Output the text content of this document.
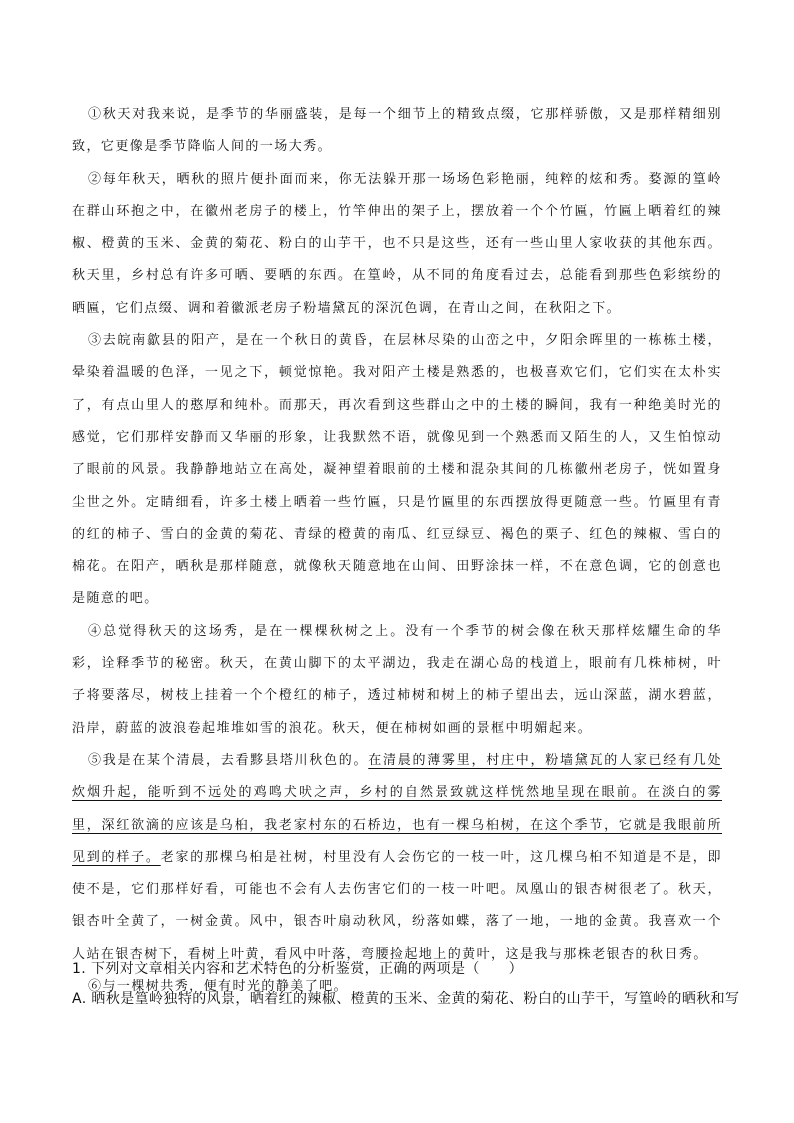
①秋天对我来说，是季节的华丽盛装，是每一个细节上的精致点缀，它那样骄傲，又是那样精细别致，它更像是季节降临人间的一场大秀。

②每年秋天，晒秋的照片便扑面而来，你无法躲开那一场场色彩艳丽，纯粹的炫和秀。婺源的篁岭在群山环抱之中，在徽州老房子的楼上，竹竿伸出的架子上，摆放着一个个竹匾，竹匾上晒着红的辣椒、橙黄的玉米、金黄的菊花、粉白的山芋干，也不只是这些，还有一些山里人家收获的其他东西。秋天里，乡村总有许多可晒、要晒的东西。在篁岭，从不同的角度看过去，总能看到那些色彩缤纷的晒匾，它们点缀、调和着徽派老房子粉墙黛瓦的深沉色调，在青山之间，在秋阳之下。

③去皖南歙县的阳产，是在一个秋日的黄昏，在层林尽染的山峦之中，夕阳余晖里的一栋栋土楼，晕染着温暖的色泽，一见之下，顿觉惊艳。我对阳产土楼是熟悉的，也极喜欢它们，它们实在太朴实了，有点山里人的憨厚和纯朴。而那天，再次看到这些群山之中的土楼的瞬间，我有一种绝美时光的感觉，它们那样安静而又华丽的形象，让我默然不语，就像见到一个熟悉而又陌生的人，又生怕惊动了眼前的风景。我静静地站立在高处，凝神望着眼前的土楼和混杂其间的几栋徽州老房子，恍如置身尘世之外。定睛细看，许多土楼上晒着一些竹匾，只是竹匾里的东西摆放得更随意一些。竹匾里有青的红的柿子、雪白的金黄的菊花、青绿的橙黄的南瓜、红豆绿豆、褐色的栗子、红色的辣椒、雪白的棉花。在阳产，晒秋是那样随意，就像秋天随意地在山间、田野涂抹一样，不在意色调，它的创意也是随意的吧。

④总觉得秋天的这场秀，是在一棵棵秋树之上。没有一个季节的树会像在秋天那样炫耀生命的华彩，诠释季节的秘密。秋天，在黄山脚下的太平湖边，我走在湖心岛的栈道上，眼前有几株柿树，叶子将要落尽，树枝上挂着一个个橙红的柿子，透过柿树和树上的柿子望出去，远山深蓝，湖水碧蓝，沿岸，蔚蓝的波浪卷起堆堆如雪的浪花。秋天，便在柿树如画的景框中明媚起来。

⑤我是在某个清晨，去看黟县塔川秋色的。在清晨的薄雾里，村庄中，粉墙黛瓦的人家已经有几处炊烟升起，能听到不远处的鸡鸣犬吠之声，乡村的自然景致就这样恍然地呈现在眼前。在淡白的雾里，深红欲滴的应该是乌桕，我老家村东的石桥边，也有一棵乌桕树，在这个季节，它就是我眼前所见到的样子。老家的那棵乌桕是社树，村里没有人会伤它的一枝一叶，这几棵乌桕不知道是不是，即使不是，它们那样好看，可能也不会有人去伤害它们的一枝一叶吧。凤凰山的银杏树很老了。秋天，银杏叶全黄了，一树金黄。风中，银杏叶扇动秋风，纷落如蝶，落了一地，一地的金黄。我喜欢一个人站在银杏树下，看树上叶黄，看风中叶落，弯腰捡起地上的黄叶，这是我与那株老银杏的秋日秀。

⑥与一棵树共秀，便有时光的静美了吧。

1. 下列对文章相关内容和艺术特色的分析鉴赏，正确的两项是（　　）

A. 晒秋是篁岭独特的风景，晒着红的辣椒、橙黄的玉米、金黄的菊花、粉白的山芋干，写篁岭的晒秋和写
